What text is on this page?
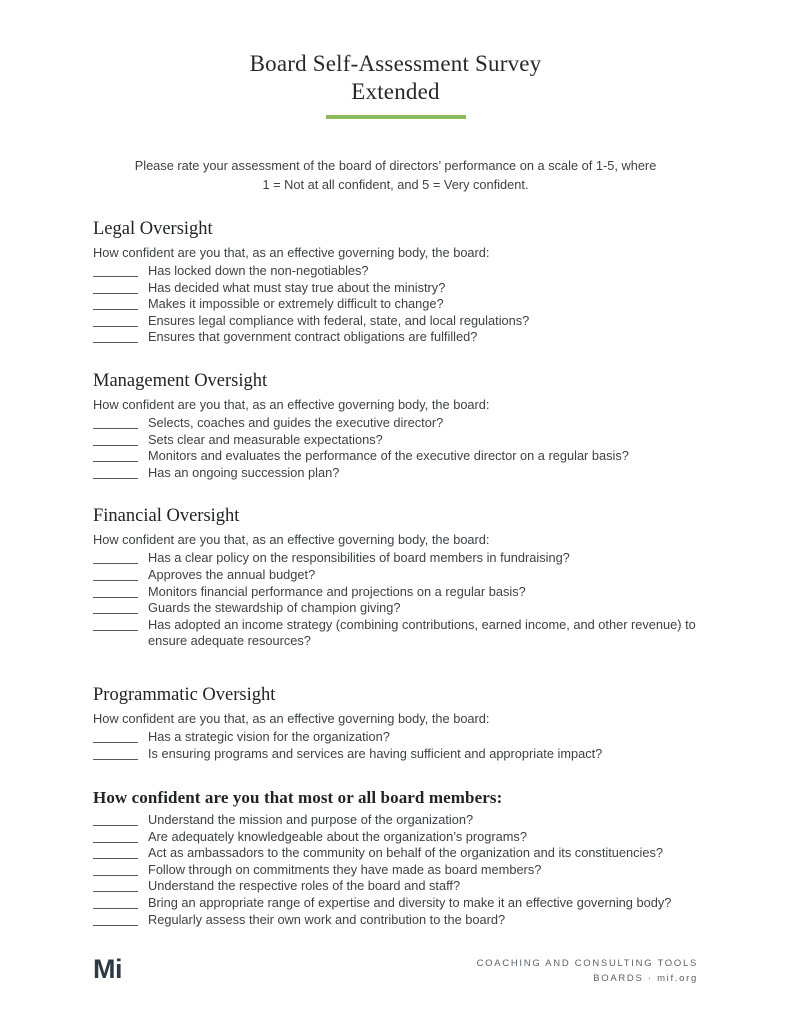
Board Self-Assessment Survey
Extended
Please rate your assessment of the board of directors’ performance on a scale of 1-5, where
1 = Not at all confident, and 5 = Very confident.
Legal Oversight

How confident are you that, as an effective governing body, the board:

Has locked down the non-negotiables?
Has decided what must stay true about the ministry?
Makes it impossible or extremely difficult to change?
Ensures legal compliance with federal, state, and local regulations?
Ensures that government contract obligations are fulfilled?
Management Oversight

How confident are you that, as an effective governing body, the board:

Selects, coaches and guides the executive director?
Sets clear and measurable expectations?
Monitors and evaluates the performance of the executive director on a regular basis?
Has an ongoing succession plan?
Financial Oversight

How confident are you that, as an effective governing body, the board:

Has a clear policy on the responsibilities of board members in fundraising?
Approves the annual budget?
Monitors financial performance and projections on a regular basis?
Guards the stewardship of champion giving?
Has adopted an income strategy (combining contributions, earned income, and other revenue) to ensure adequate resources?
Programmatic Oversight

How confident are you that, as an effective governing body, the board:

Has a strategic vision for the organization?
Is ensuring programs and services are having sufficient and appropriate impact?
How confident are you that most or all board members:
Understand the mission and purpose of the organization?
Are adequately knowledgeable about the organization’s programs?
Act as ambassadors to the community on behalf of the organization and its constituencies?
Follow through on commitments they have made as board members?
Understand the respective roles of the board and staff?
Bring an appropriate range of expertise and diversity to make it an effective governing body?
Regularly assess their own work and contribution to the board?
Mi	COACHING AND CONSULTING TOOLS
BOARDS · mif.org
